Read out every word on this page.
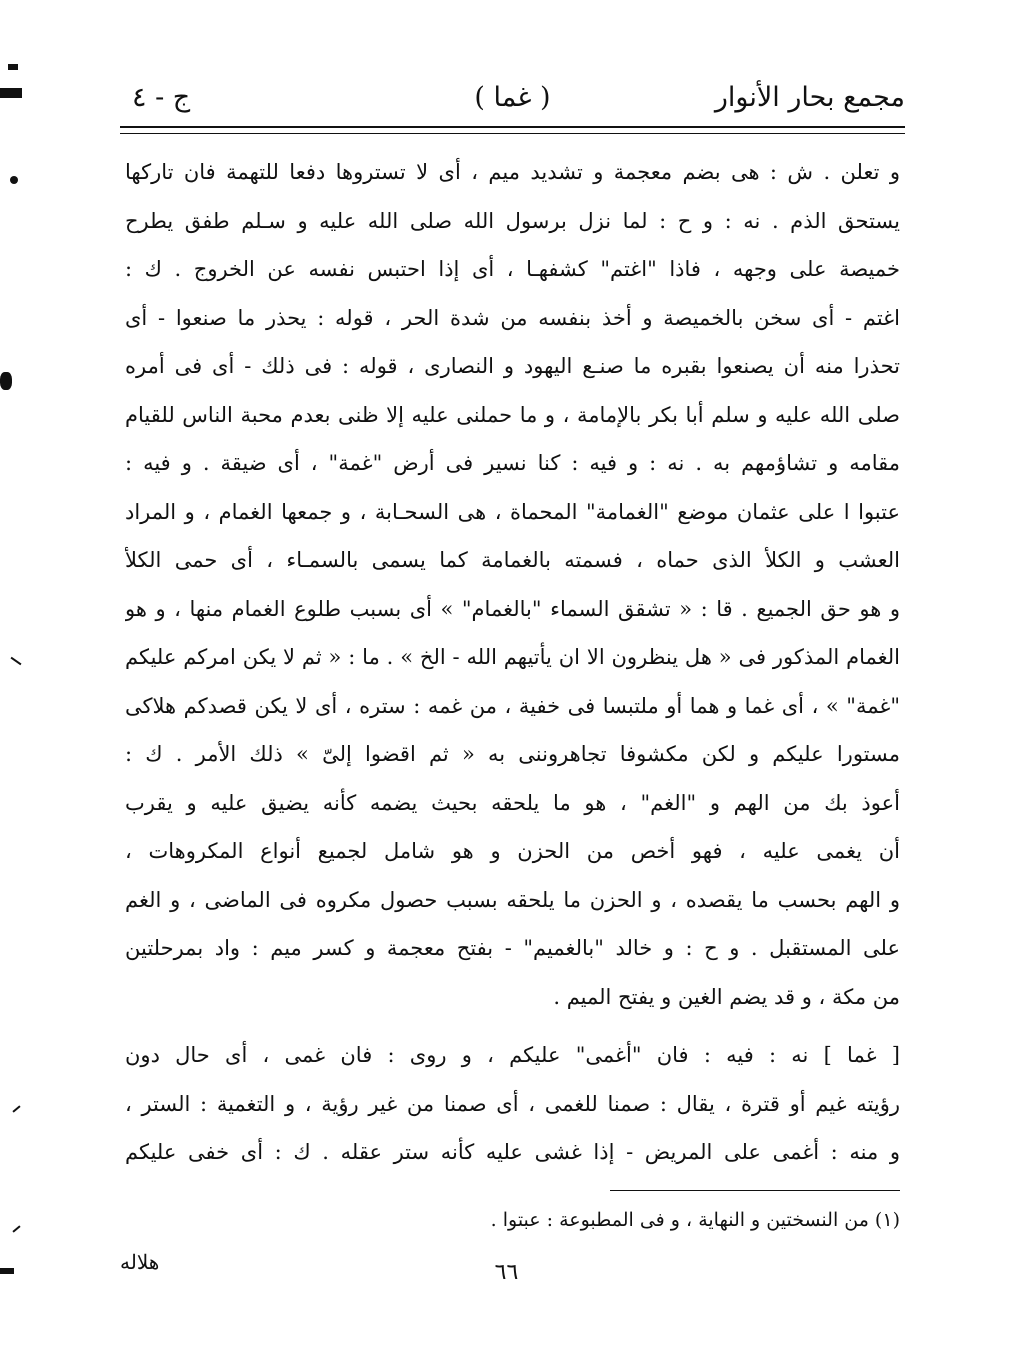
مجمع بحار الأنوار
( غما )
ج - ٤
و تعلن . ش : هى بضم معجمة و تشديد ميم ، أى لا تستروها دفعا للتهمة فان تاركها
يستحق الذم . نه : و ح : لما نزل برسول الله صلى الله عليه و سـلم طفق يطرح
خميصة على وجهه ، فاذا "اغتم" كشفهـا ، أى إذا احتبس نفسه عن الخروج . ك :
اغتم - أى سخن بالخميصة و أخذ بنفسه من شدة الحر ، قوله : يحذر ما صنعوا - أى
تحذرا منه أن يصنعوا بقبره ما صنـع اليهود و النصارى ، قوله : فى ذلك - أى فى أمره
صلى الله عليه و سلم أبا بكر بالإمامة ، و ما حملنى عليه إلا ظنى بعدم محبة الناس للقيام
مقامه و تشاؤمهم به . نه : و فيه : كنا نسير فى أرض "غمة" ، أى ضيقة . و فيه :
عتبوا ا على عثمان موضع "الغمامة" المحماة ، هى السحـابة ، و جمعها الغمام ، و المراد
العشب و الكلأ الذى حماه ، فسمته بالغمامة كما يسمى بالسمـاء ، أى حمى الكلأ
و هو حق الجميع . قا : « تشقق السماء "بالغمام" » أى بسبب طلوع الغمام منها ، و هو
الغمام المذكور فى « هل ينظرون الا ان يأتيهم الله - الخ » . ما : « ثم لا يكن امركم عليكم
"غمة" » ، أى غما و هما أو ملتبسا فى خفية ، من غمه : ستره ، أى لا يكن قصدكم هلاكى
مستورا عليكم و لكن مكشوفا تجاهروننى به « ثم اقضوا إلىّ » ذلك الأمر . ك :
أعوذ بك من الهم و "الغم" ، هو ما يلحقه بحيث يضمه كأنه يضيق عليه و يقرب
أن يغمى عليه ، فهو أخص من الحزن و هو شامل لجميع أنواع المكروهات ،
و الهم بحسب ما يقصده ، و الحزن ما يلحقه بسبب حصول مكروه فى الماضى ، و الغم
على المستقبل . و ح : و خالد "بالغميم" - بفتح معجمة و كسر ميم : واد بمرحلتين
من مكة ، و قد يضم الغين و يفتح الميم .
[ غما ] نه : فيه : فان "أغمى" عليكم ، و روى : فان غمى ، أى حال دون
رؤيته غيم أو قترة ، يقال : صمنا للغمى ، أى صمنا من غير رؤية ، و التغمية : الستر ،
و منه : أغمى على المريض - إذا غشى عليه كأنه ستر عقله . ك : أى خفى عليكم
(١) من النسختين و النهاية ، و فى المطبوعة : عبتوا .
هلاله	٦٦
